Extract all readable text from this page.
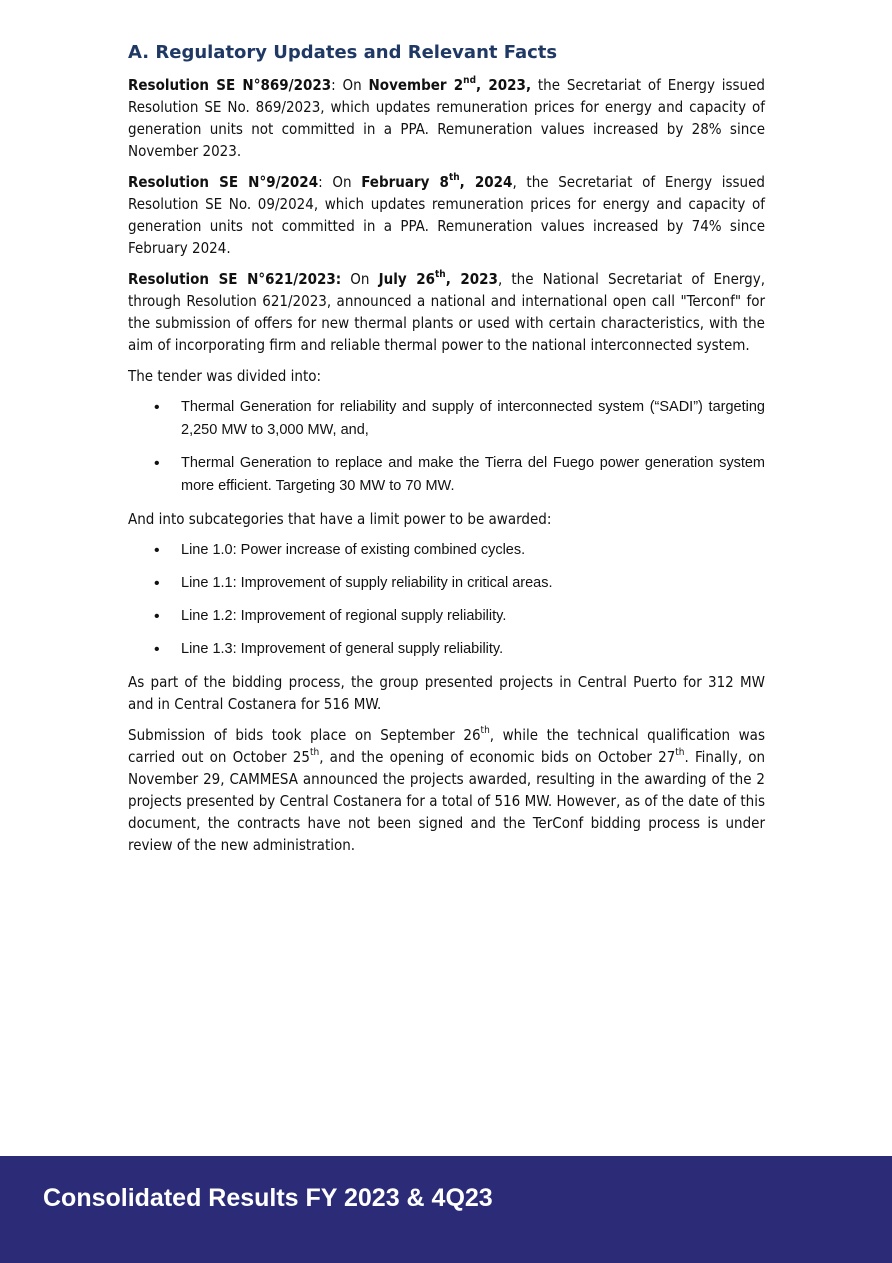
A. Regulatory Updates and Relevant Facts

Resolution SE N°869/2023: On November 2nd, 2023, the Secretariat of Energy issued Resolution SE No. 869/2023, which updates remuneration prices for energy and capacity of generation units not committed in a PPA. Remuneration values increased by 28% since November 2023.

Resolution SE N°9/2024: On February 8th, 2024, the Secretariat of Energy issued Resolution SE No. 09/2024, which updates remuneration prices for energy and capacity of generation units not committed in a PPA. Remuneration values increased by 74% since February 2024.

Resolution SE N°621/2023: On July 26th, 2023, the National Secretariat of Energy, through Resolution 621/2023, announced a national and international open call "Terconf" for the submission of offers for new thermal plants or used with certain characteristics, with the aim of incorporating firm and reliable thermal power to the national interconnected system.

The tender was divided into:

• Thermal Generation for reliability and supply of interconnected system (“SADI”) targeting 2,250 MW to 3,000 MW, and,
• Thermal Generation to replace and make the Tierra del Fuego power generation system more efficient. Targeting 30 MW to 70 MW.

And into subcategories that have a limit power to be awarded:

• Line 1.0: Power increase of existing combined cycles.
• Line 1.1: Improvement of supply reliability in critical areas.
• Line 1.2: Improvement of regional supply reliability.
• Line 1.3: Improvement of general supply reliability.

As part of the bidding process, the group presented projects in Central Puerto for 312 MW and in Central Costanera for 516 MW.

Submission of bids took place on September 26th, while the technical qualification was carried out on October 25th, and the opening of economic bids on October 27th. Finally, on November 29, CAMMESA announced the projects awarded, resulting in the awarding of the 2 projects presented by Central Costanera for a total of 516 MW. However, as of the date of this document, the contracts have not been signed and the TerConf bidding process is under review of the new administration.

Consolidated Results FY 2023 & 4Q23
